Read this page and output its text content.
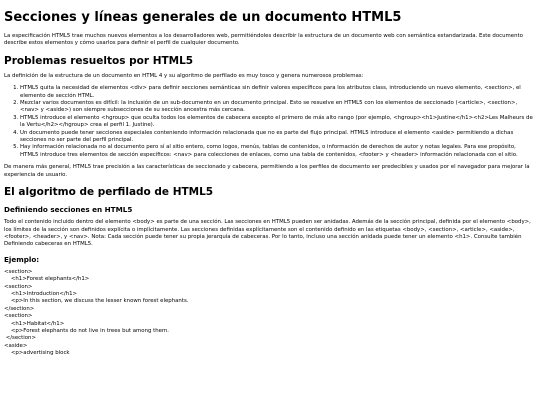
Secciones y líneas generales de un documento HTML5

La especificación HTML5 trae muchos nuevos elementos a los desarrolladores web, permitiéndoles describir la estructura de un documento web con semántica estandarizada. Este documento describe estos elementos y cómo usarlos para definir el perfil de cualquier documento.

Problemas resueltos por HTML5

La definición de la estructura de un documento en HTML 4 y su algoritmo de perfilado es muy tosco y genera numerosos problemas:

1. HTML5 quita la necesidad de elementos <div> para definir secciones semánticas sin definir valores específicos para los atributos class, introduciendo un nuevo elemento, <section>, el elemento de sección HTML.
2. Mezclar varios documentos es difícil: la inclusión de un sub-documento en un documento principal. Esto se resuelve en HTML5 con los elementos de seccionado (<article>, <section>, <nav> y <aside>) son siempre subsecciones de su sección ancestra más cercana.
3. HTML5 introduce el elemento <hgroup> que oculta todos los elementos de cabecera excepto el primero de más alto rango (por ejemplo, <hgroup><h1>Justine</h1><h2>Les Malheurs de la Vertu</h2></hgroup> crea el perfil 1. Justine).
4. Un documento puede tener secciones especiales conteniendo información relacionada que no es parte del flujo principal. HTML5 introduce el elemento <aside> permitiendo a dichas secciones no ser parte del perfil principal.
5. Hay información relacionada no al documento pero sí al sitio entero, como logos, menús, tablas de contenidos, o información de derechos de autor y notas legales. Para ese propósito, HTML5 introduce tres elementos de sección específicos: <nav> para colecciones de enlaces, como una tabla de contenidos, <footer> y <header> información relacionada con el sitio.

De manera más general, HTML5 trae precisión a las características de seccionado y cabecera, permitiendo a los perfiles de documento ser predecibles y usados por el navegador para mejorar la experiencia de usuario.

El algoritmo de perfilado de HTML5
Definiendo secciones en HTML5

Todo el contenido incluido dentro del elemento <body> es parte de una sección. Las secciones en HTML5 pueden ser anidadas. Además de la sección principal, definida por el elemento <body>, los límites de la sección son definidos explícita o implícitamente. Las secciones definidas explícitamente son el contenido definido en las etiquetas <body>, <section>, <article>, <aside>, <footer>, <header>, y <nav>. Nota: Cada sección puede tener su propia jerarquía de cabeceras. Por lo tanto, incluso una sección anidada puede tener un elemento <h1>. Consulte también Definiendo cabeceras en HTML5.

Ejemplo:
<section>
<h1>Forest elephants</h1>
<section>
<h1>Introduction</h1>
<p>In this section, we discuss the lesser known forest elephants.
</section>
<section>
<h1>Habitat</h1>
<p>Forest elephants do not live in trees but among them.
</section>
<aside>
<p>advertising block
